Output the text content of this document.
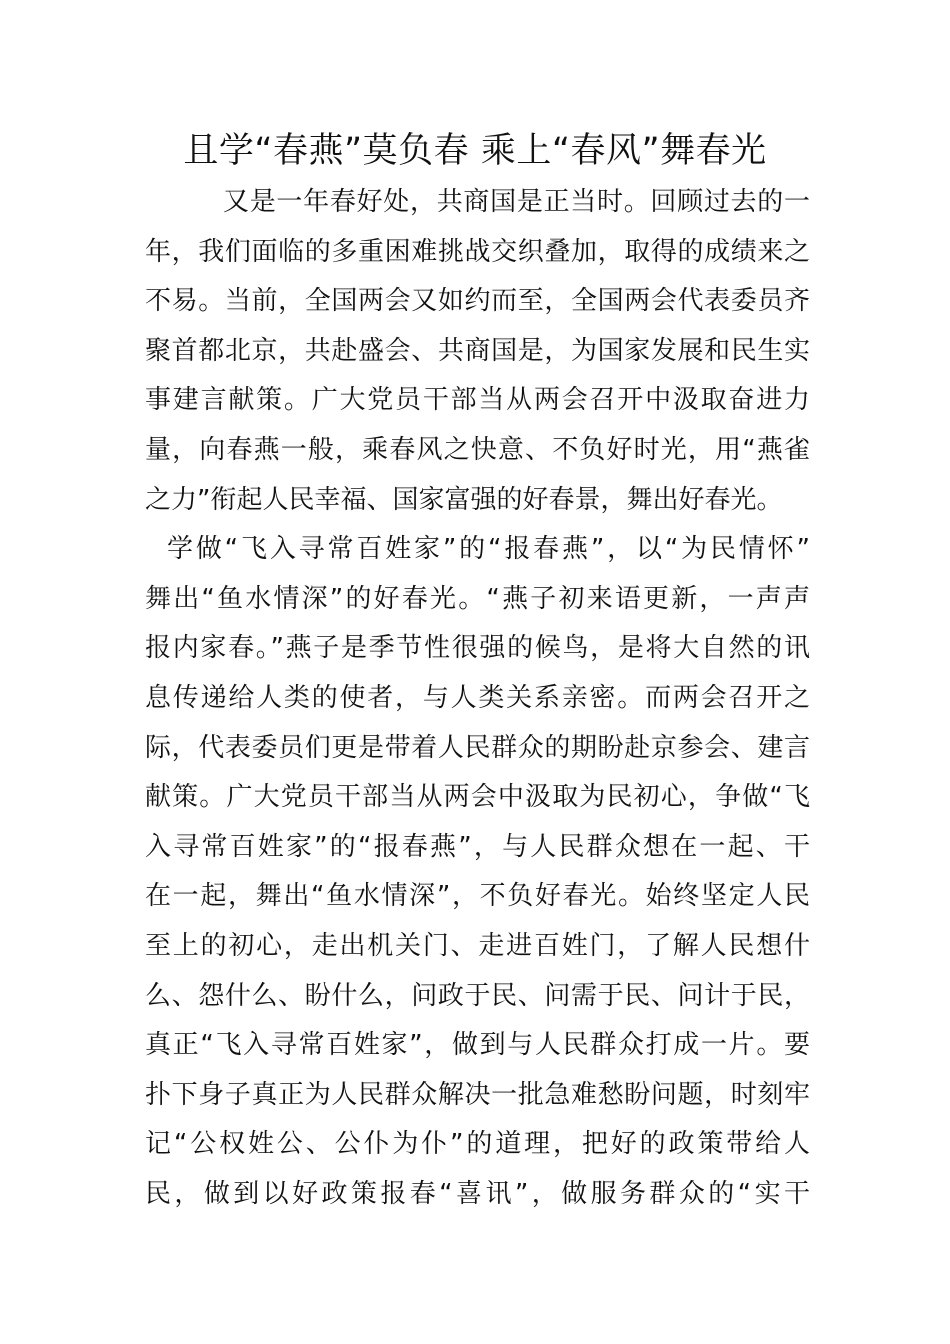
且学“春燕”莫负春 乘上“春风”舞春光
又是一年春好处，共商国是正当时。回顾过去的一
年，我们面临的多重困难挑战交织叠加，取得的成绩来之
不易。当前，全国两会又如约而至，全国两会代表委员齐
聚首都北京，共赴盛会、共商国是，为国家发展和民生实
事建言献策。广大党员干部当从两会召开中汲取奋进力
量，向春燕一般，乘春风之快意、不负好时光，用“燕雀
之力”衔起人民幸福、国家富强的好春景，舞出好春光。
学做“飞入寻常百姓家”的“报春燕”，以“为民情怀”
舞出“鱼水情深”的好春光。“燕子初来语更新，一声声
报内家春。”燕子是季节性很强的候鸟，是将大自然的讯
息传递给人类的使者，与人类关系亲密。而两会召开之
际，代表委员们更是带着人民群众的期盼赴京参会、建言
献策。广大党员干部当从两会中汲取为民初心，争做“飞
入寻常百姓家”的“报春燕”，与人民群众想在一起、干
在一起，舞出“鱼水情深”，不负好春光。始终坚定人民
至上的初心，走出机关门、走进百姓门，了解人民想什
么、怨什么、盼什么，问政于民、问需于民、问计于民，
真正“飞入寻常百姓家”，做到与人民群众打成一片。要
扑下身子真正为人民群众解决一批急难愁盼问题，时刻牢
记“公权姓公、公仆为仆”的道理，把好的政策带给人
民，做到以好政策报春“喜讯”，做服务群众的“实干
